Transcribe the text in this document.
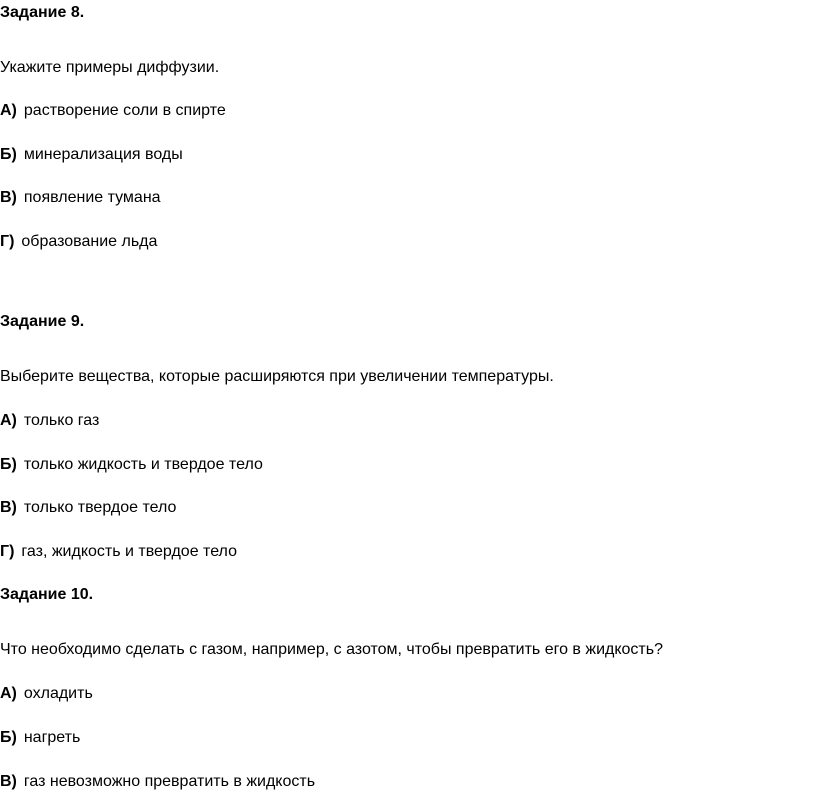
Задание 8.
Укажите примеры диффузии.
А) растворение соли в спирте
Б) минерализация воды
В) появление тумана
Г) образование льда
Задание 9.
Выберите вещества, которые расширяются при увеличении температуры.
А) только газ
Б) только жидкость и твердое тело
В) только твердое тело
Г) газ, жидкость и твердое тело
Задание 10.
Что необходимо сделать с газом, например, с азотом, чтобы превратить его в жидкость?
А) охладить
Б) нагреть
В) газ невозможно превратить в жидкость
